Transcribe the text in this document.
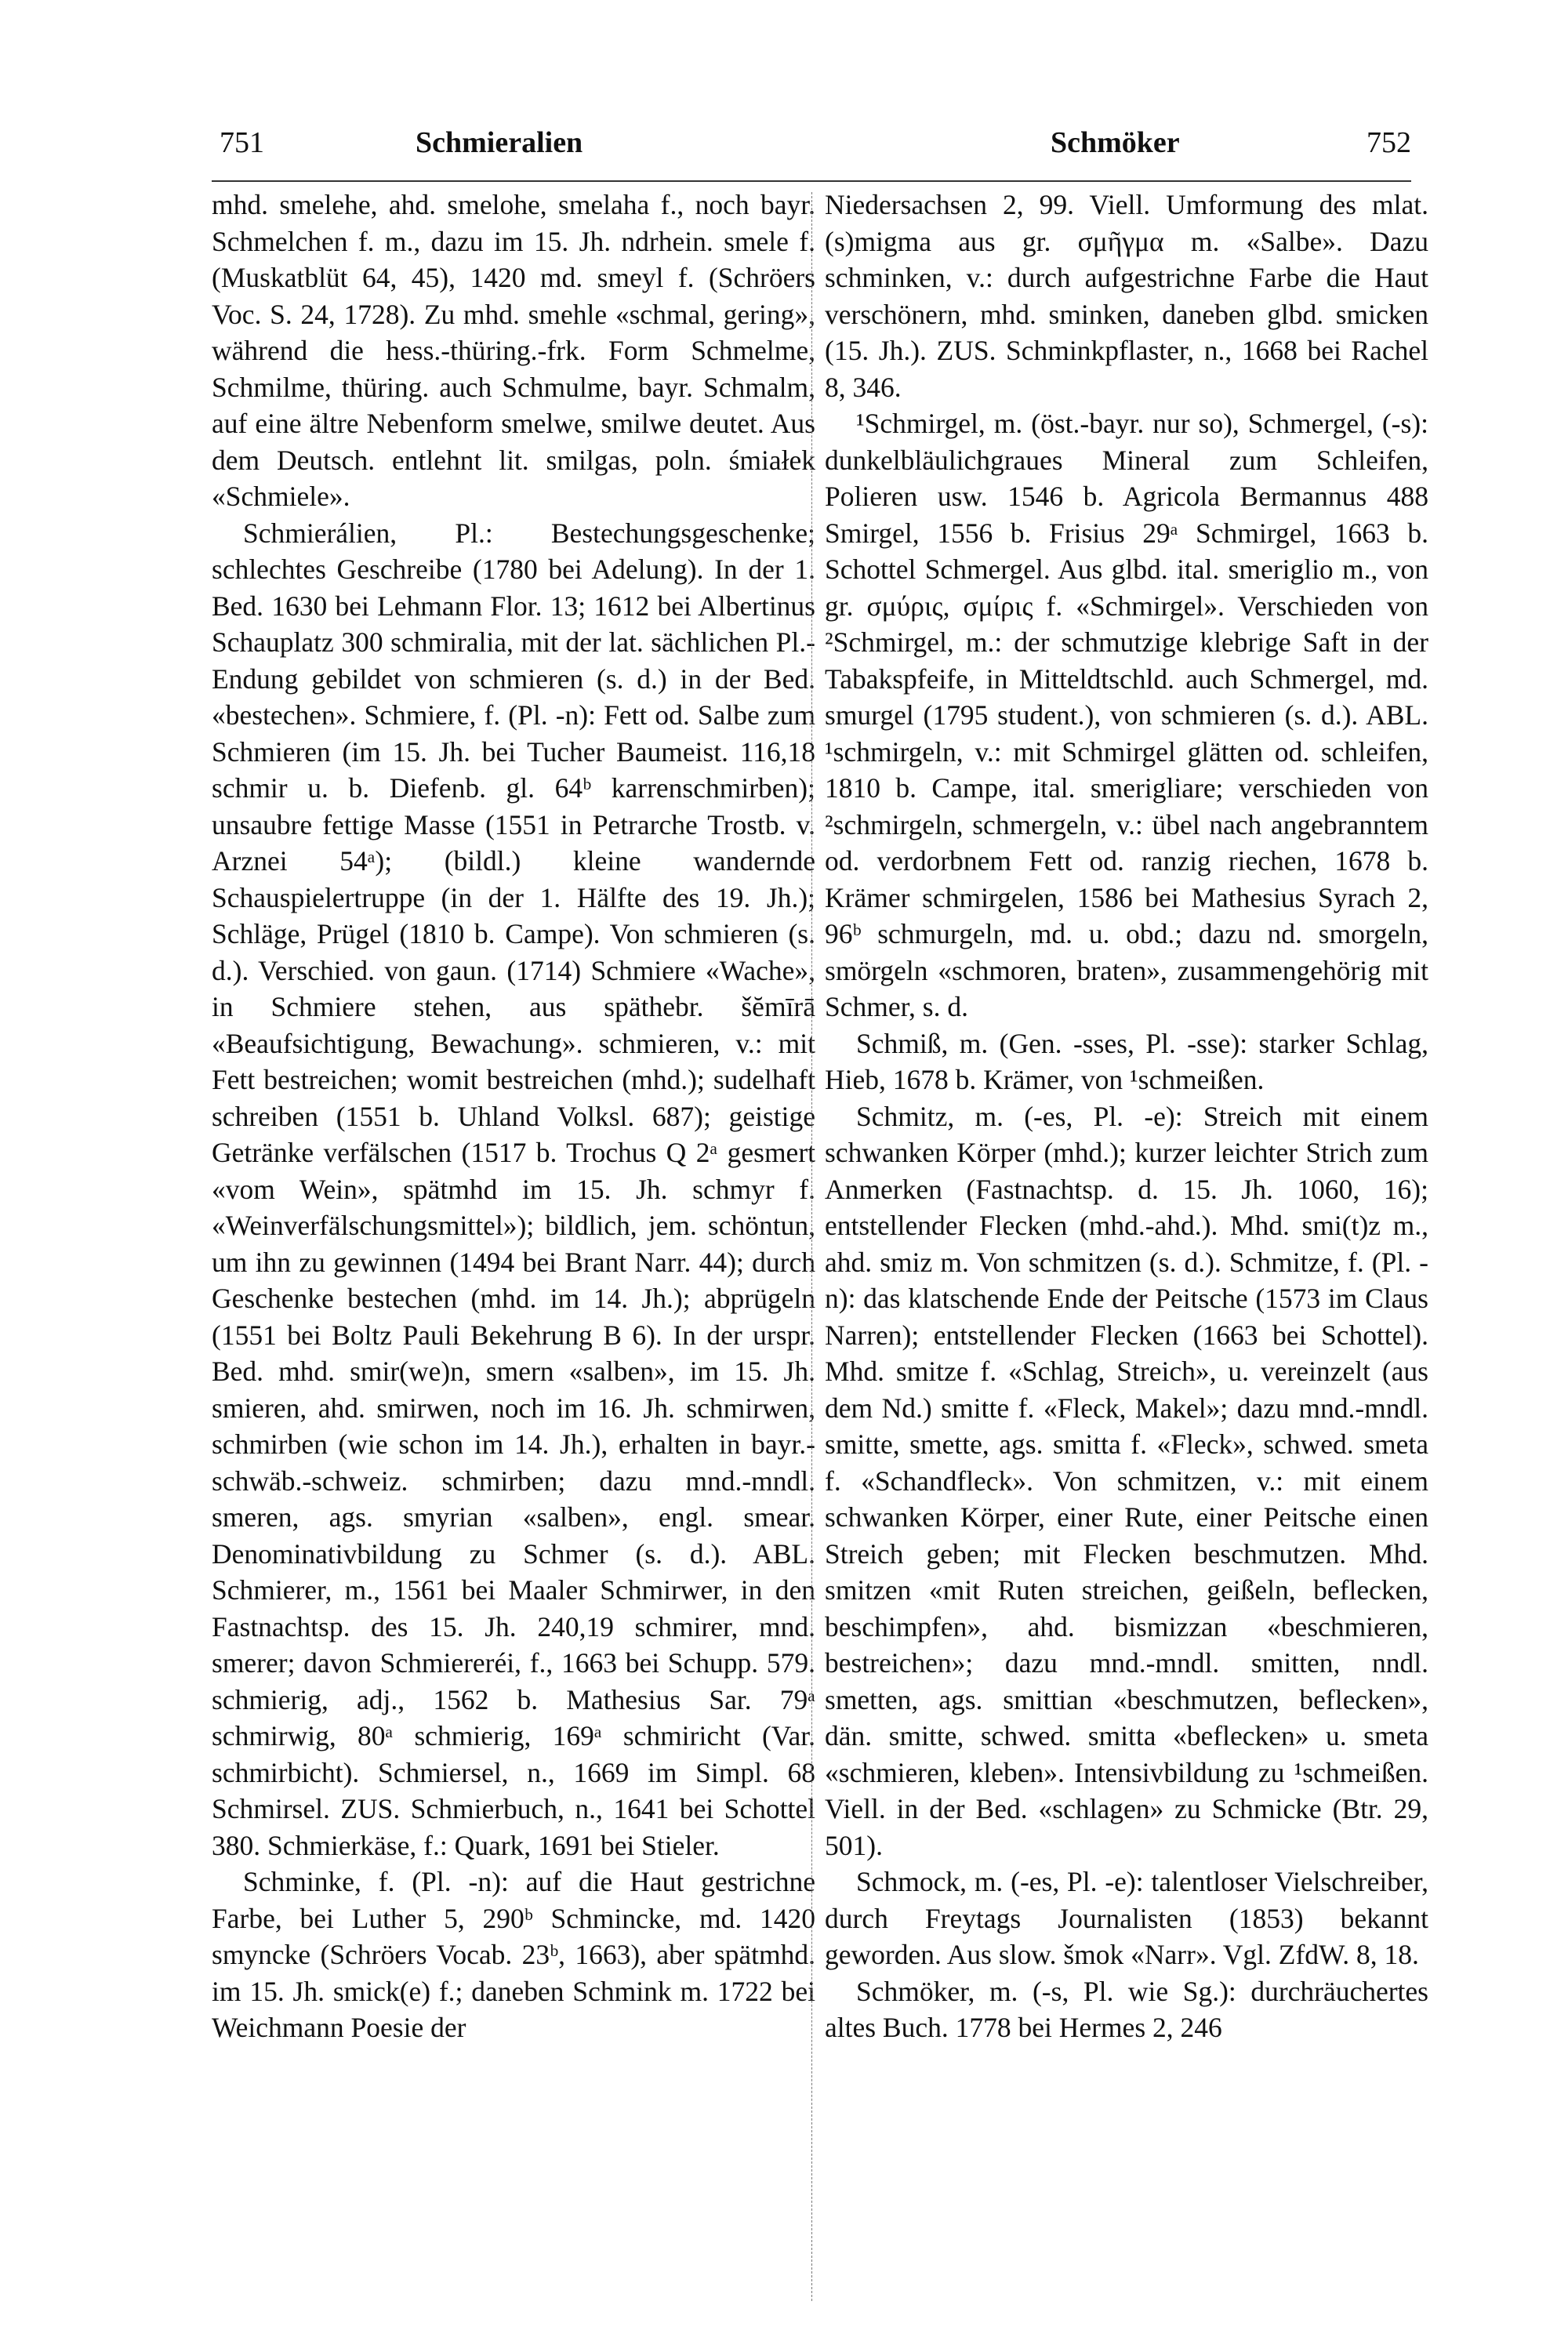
751	Schmieralien	Schmöker	752

mhd. smelehe, ahd. smelohe, smelaha f., noch bayr. Schmelchen f. m., dazu im 15. Jh. ndrhein. smele f. (Muskatblüt 64, 45), 1420 md. smeyl f. (Schröers Voc. S. 24, 1728). Zu mhd. smehle «schmal, gering», während die hess.-thüring.-frk. Form Schmelme, Schmilme, thüring. auch Schmulme, bayr. Schmalm, auf eine ältre Nebenform smelwe, smilwe deutet. Aus dem Deutsch. entlehnt lit. smilgas, poln. śmiałek «Schmiele».

Schmierálien, Pl.: Bestechungsgeschenke; schlechtes Geschreibe (1780 bei Adelung). In der 1. Bed. 1630 bei Lehmann Flor. 13; 1612 bei Albertinus Schauplatz 300 schmiralia, mit der lat. sächlichen Pl.-Endung gebildet von schmieren (s. d.) in der Bed. «bestechen». Schmiere, f. (Pl. -n): Fett od. Salbe zum Schmieren (im 15. Jh. bei Tucher Baumeist. 116,18 schmir u. b. Diefenb. gl. 64ᵇ karrenschmirben); unsaubre fettige Masse (1551 in Petrarche Trostb. v. Arznei 54ᵃ); (bildl.) kleine wandernde Schauspielertruppe (in der 1. Hälfte des 19. Jh.); Schläge, Prügel (1810 b. Campe). Von schmieren (s. d.). Verschied. von gaun. (1714) Schmiere «Wache», in Schmiere stehen, aus späthebr. šĕmīrā «Beaufsichtigung, Bewachung». schmieren, v.: mit Fett bestreichen; womit bestreichen (mhd.); sudelhaft schreiben (1551 b. Uhland Volksl. 687); geistige Getränke verfälschen (1517 b. Trochus Q 2ᵃ gesmert «vom Wein», spätmhd im 15. Jh. schmyr f. «Weinverfälschungsmittel»); bildlich, jem. schöntun, um ihn zu gewinnen (1494 bei Brant Narr. 44); durch Geschenke bestechen (mhd. im 14. Jh.); abprügeln (1551 bei Boltz Pauli Bekehrung B 6). In der urspr. Bed. mhd. smir(we)n, smern «salben», im 15. Jh. smieren, ahd. smirwen, noch im 16. Jh. schmirwen, schmirben (wie schon im 14. Jh.), erhalten in bayr.-schwäb.-schweiz. schmirben; dazu mnd.-mndl. smeren, ags. smyrian «salben», engl. smear. Denominativbildung zu Schmer (s. d.). ABL. Schmierer, m., 1561 bei Maaler Schmirwer, in den Fastnachtsp. des 15. Jh. 240,19 schmirer, mnd. smerer; davon Schmiereréi, f., 1663 bei Schupp. 579. schmierig, adj., 1562 b. Mathesius Sar. 79ᵃ schmirwig, 80ᵃ schmierig, 169ᵃ schmiricht (Var. schmirbicht). Schmiersel, n., 1669 im Simpl. 68 Schmirsel. ZUS. Schmierbuch, n., 1641 bei Schottel 380. Schmierkäse, f.: Quark, 1691 bei Stieler.

Schminke, f. (Pl. -n): auf die Haut gestrichne Farbe, bei Luther 5, 290ᵇ Schmincke, md. 1420 smyncke (Schröers Vocab. 23ᵇ, 1663), aber spätmhd. im 15. Jh. smick(e) f.; daneben Schmink m. 1722 bei Weichmann Poesie der

Niedersachsen 2, 99. Viell. Umformung des mlat. (s)migma aus gr. σμῆγμα m. «Salbe». Dazu schminken, v.: durch aufgestrichne Farbe die Haut verschönern, mhd. sminken, daneben glbd. smicken (15. Jh.). ZUS. Schminkpflaster, n., 1668 bei Rachel 8, 346.

¹Schmirgel, m. (öst.-bayr. nur so), Schmergel, (-s): dunkelbläulichgraues Mineral zum Schleifen, Polieren usw. 1546 b. Agricola Bermannus 488 Smirgel, 1556 b. Frisius 29ᵃ Schmirgel, 1663 b. Schottel Schmergel. Aus glbd. ital. smeriglio m., von gr. σμύρις, σμίρις f. «Schmirgel». Verschieden von ²Schmirgel, m.: der schmutzige klebrige Saft in der Tabakspfeife, in Mitteldtschld. auch Schmergel, md. smurgel (1795 student.), von schmieren (s. d.). ABL. ¹schmirgeln, v.: mit Schmirgel glätten od. schleifen, 1810 b. Campe, ital. smerigliare; verschieden von ²schmirgeln, schmergeln, v.: übel nach angebranntem od. verdorbnem Fett od. ranzig riechen, 1678 b. Krämer schmirgelen, 1586 bei Mathesius Syrach 2, 96ᵇ schmurgeln, md. u. obd.; dazu nd. smorgeln, smörgeln «schmoren, braten», zusammengehörig mit Schmer, s. d.

Schmiß, m. (Gen. -sses, Pl. -sse): starker Schlag, Hieb, 1678 b. Krämer, von ¹schmeißen.

Schmitz, m. (-es, Pl. -e): Streich mit einem schwanken Körper (mhd.); kurzer leichter Strich zum Anmerken (Fastnachtsp. d. 15. Jh. 1060, 16); entstellender Flecken (mhd.-ahd.). Mhd. smi(t)z m., ahd. smiz m. Von schmitzen (s. d.). Schmitze, f. (Pl. -n): das klatschende Ende der Peitsche (1573 im Claus Narren); entstellender Flecken (1663 bei Schottel). Mhd. smitze f. «Schlag, Streich», u. vereinzelt (aus dem Nd.) smitte f. «Fleck, Makel»; dazu mnd.-mndl. smitte, smette, ags. smitta f. «Fleck», schwed. smeta f. «Schandfleck». Von schmitzen, v.: mit einem schwanken Körper, einer Rute, einer Peitsche einen Streich geben; mit Flecken beschmutzen. Mhd. smitzen «mit Ruten streichen, geißeln, beflecken, beschimpfen», ahd. bismizzan «beschmieren, bestreichen»; dazu mnd.-mndl. smitten, nndl. smetten, ags. smittian «beschmutzen, beflecken», dän. smitte, schwed. smitta «beflecken» u. smeta «schmieren, kleben». Intensivbildung zu ¹schmeißen. Viell. in der Bed. «schlagen» zu Schmicke (Btr. 29, 501).

Schmock, m. (-es, Pl. -e): talentloser Vielschreiber, durch Freytags Journalisten (1853) bekannt geworden. Aus slow. šmok «Narr». Vgl. ZfdW. 8, 18.

Schmöker, m. (-s, Pl. wie Sg.): durchräuchertes altes Buch. 1778 bei Hermes 2, 246
